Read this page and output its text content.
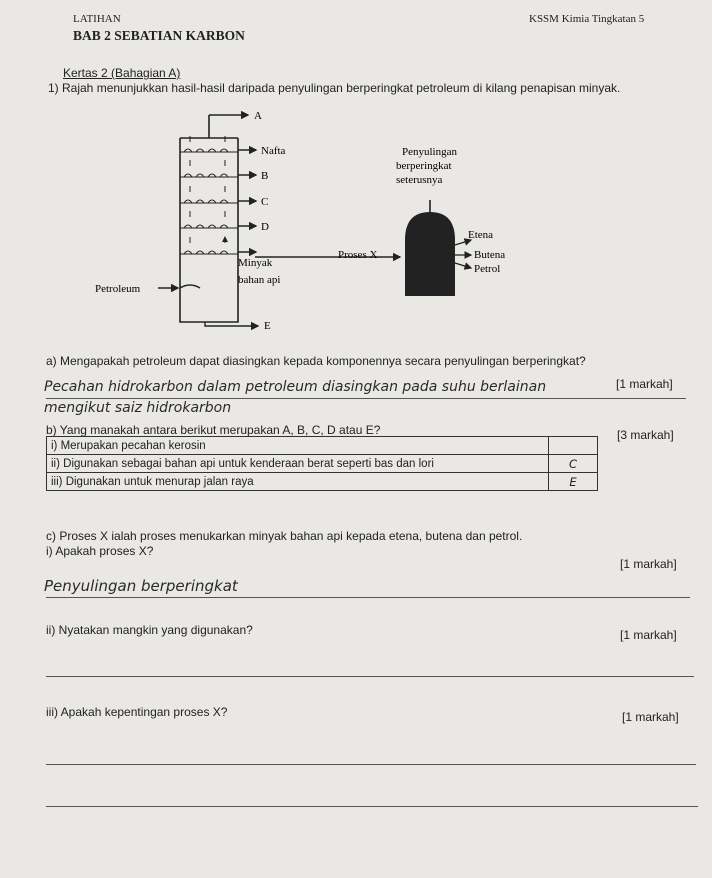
LATIHAN	KSSM Kimia Tingkatan 5
BAB 2 SEBATIAN KARBON
Kertas 2 (Bahagian A)
1) Rajah menunjukkan hasil-hasil daripada penyulingan berperingkat petroleum di kilang penapisan minyak.
A
Nafta
B
C
D
Minyak
bahan api
E
Petroleum
Proses X
Etena
Butena
Petrol
Penyulingan
berperingkat
seterusnya
a) Mengapakah petroleum dapat diasingkan kepada komponennya secara penyulingan berperingkat?
[1 markah]
Pecahan hidrokarbon dalam petroleum diasingkan pada suhu berlainan
mengikut saiz hidrokarbon
b) Yang manakah antara berikut merupakan A, B, C, D atau E?	[3 markah]
i) Merupakan pecahan kerosin	
ii) Digunakan sebagai bahan api untuk kenderaan berat seperti bas dan lori	C
iii) Digunakan untuk menurap jalan raya	E
c) Proses X ialah proses menukarkan minyak bahan api kepada etena, butena dan petrol.
i) Apakah proses X?
[1 markah]
Penyulingan berperingkat
ii) Nyatakan mangkin yang digunakan?	[1 markah]
iii) Apakah kepentingan proses X?	[1 markah]
